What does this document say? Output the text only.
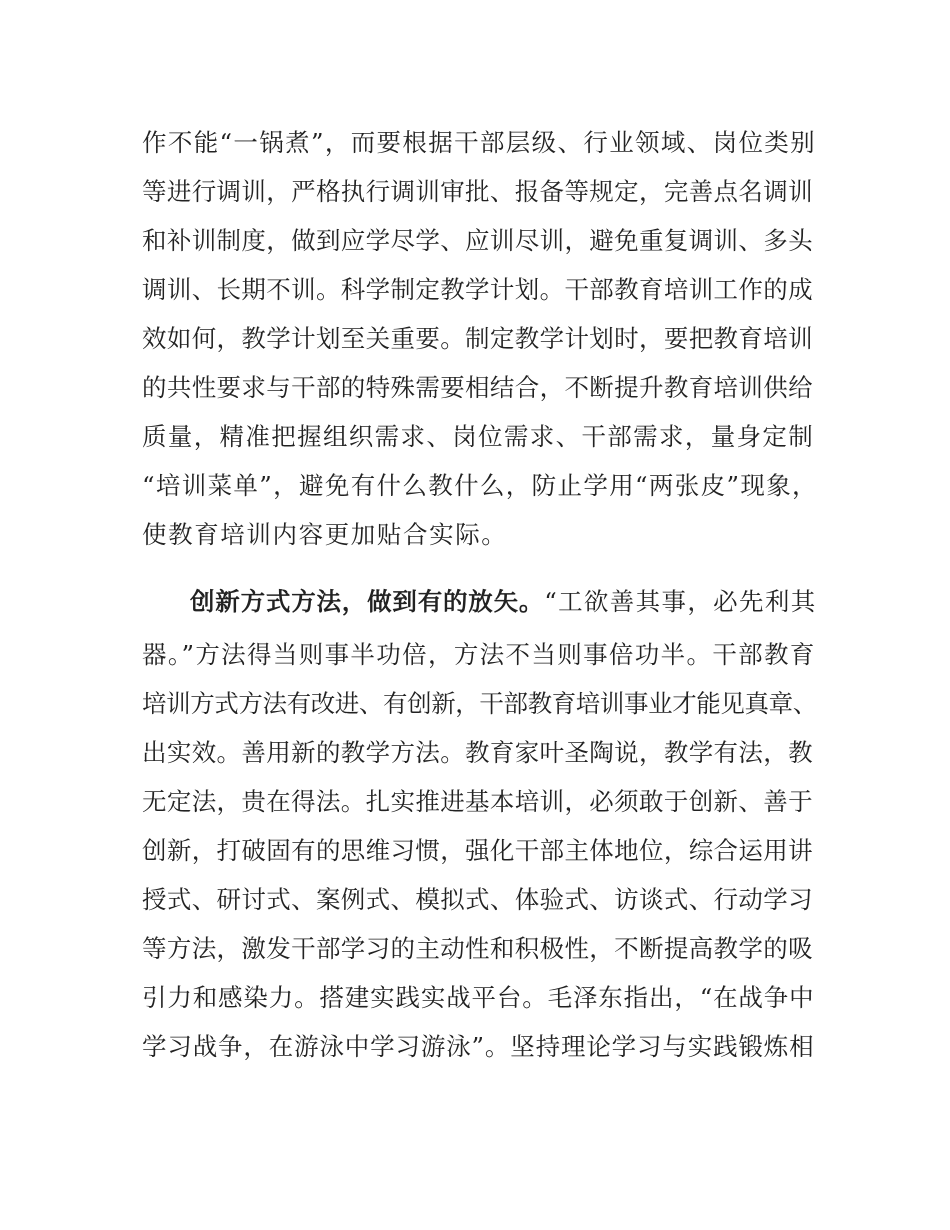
作不能“一锅煮”，而要根据干部层级、行业领域、岗位类别

等进行调训，严格执行调训审批、报备等规定，完善点名调训

和补训制度，做到应学尽学、应训尽训，避免重复调训、多头

调训、长期不训。科学制定教学计划。干部教育培训工作的成

效如何，教学计划至关重要。制定教学计划时，要把教育培训

的共性要求与干部的特殊需要相结合，不断提升教育培训供给

质量，精准把握组织需求、岗位需求、干部需求，量身定制

“培训菜单”，避免有什么教什么，防止学用“两张皮”现象，

使教育培训内容更加贴合实际。

创新方式方法，做到有的放矢。“工欲善其事，必先利其

器。”方法得当则事半功倍，方法不当则事倍功半。干部教育

培训方式方法有改进、有创新，干部教育培训事业才能见真章、

出实效。善用新的教学方法。教育家叶圣陶说，教学有法，教

无定法，贵在得法。扎实推进基本培训，必须敢于创新、善于

创新，打破固有的思维习惯，强化干部主体地位，综合运用讲

授式、研讨式、案例式、模拟式、体验式、访谈式、行动学习

等方法，激发干部学习的主动性和积极性，不断提高教学的吸

引力和感染力。搭建实践实战平台。毛泽东指出，“在战争中

学习战争，在游泳中学习游泳”。坚持理论学习与实践锻炼相
